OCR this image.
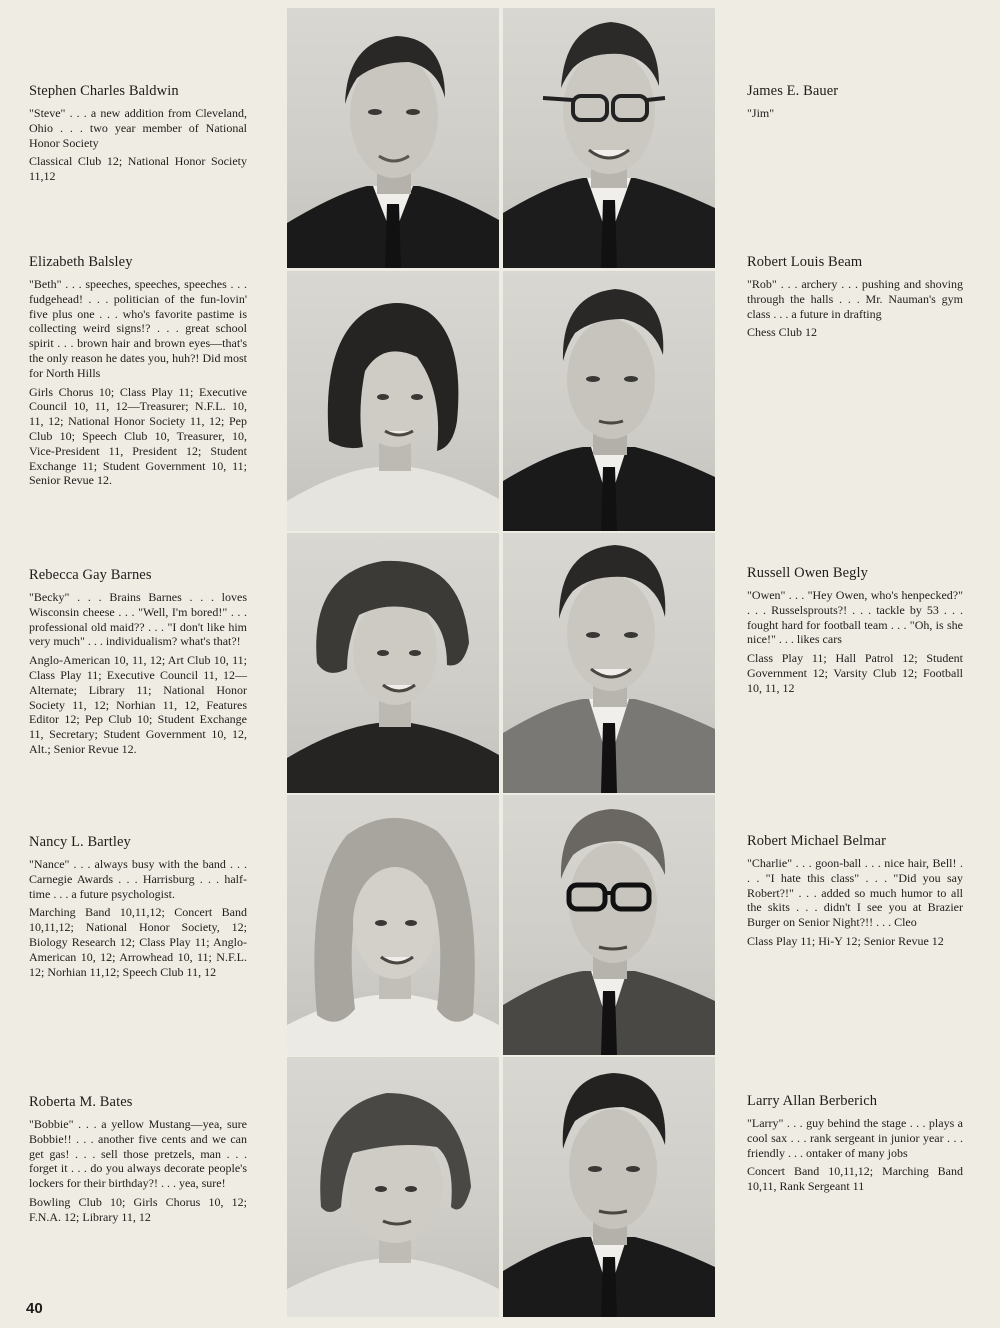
Stephen Charles Baldwin
"Steve" . . . a new addition from Cleveland, Ohio . . . two year member of National Honor Society
Classical Club 12; National Honor Society 11,12
James E. Bauer
"Jim"
Elizabeth Balsley
"Beth" . . . speeches, speeches, speeches . . . fudgehead! . . . politician of the fun-lovin' five plus one . . . who's favorite pastime is collecting weird signs!? . . . great school spirit . . . brown hair and brown eyes—that's the only reason he dates you, huh?! Did most for North Hills
Girls Chorus 10; Class Play 11; Executive Council 10, 11, 12—Treasurer; N.F.L. 10, 11, 12; National Honor Society 11, 12; Pep Club 10; Speech Club 10, Treasurer, 10, Vice-President 11, President 12; Student Exchange 11; Student Government 10, 11; Senior Revue 12.
Robert Louis Beam
"Rob" . . . archery . . . pushing and shoving through the halls . . . Mr. Nauman's gym class . . . a future in drafting
Chess Club 12
Rebecca Gay Barnes
"Becky" . . . Brains Barnes . . . loves Wisconsin cheese . . . "Well, I'm bored!" . . . professional old maid?? . . . "I don't like him very much" . . . individualism? what's that?!
Anglo-American 10, 11, 12; Art Club 10, 11; Class Play 11; Executive Council 11, 12—Alternate; Library 11; National Honor Society 11, 12; Norhian 11, 12, Features Editor 12; Pep Club 10; Student Exchange 11, Secretary; Student Government 10, 12, Alt.; Senior Revue 12.
Russell Owen Begly
"Owen" . . . "Hey Owen, who's henpecked?" . . . Russelsprouts?! . . . tackle by 53 . . . fought hard for football team . . . "Oh, is she nice!" . . . likes cars
Class Play 11; Hall Patrol 12; Student Government 12; Varsity Club 12; Football 10, 11, 12
Nancy L. Bartley
"Nance" . . . always busy with the band . . . Carnegie Awards . . . Harrisburg . . . half-time . . . a future psychologist.
Marching Band 10,11,12; Concert Band 10,11,12; National Honor Society, 12; Biology Research 12; Class Play 11; Anglo-American 10, 12; Arrowhead 10, 11; N.F.L. 12; Norhian 11,12; Speech Club 11, 12
Robert Michael Belmar
"Charlie" . . . goon-ball . . . nice hair, Bell! . . . "I hate this class" . . . "Did you say Robert?!" . . . added so much humor to all the skits . . . didn't I see you at Brazier Burger on Senior Night?!! . . . Cleo
Class Play 11; Hi-Y 12; Senior Revue 12
Roberta M. Bates
"Bobbie" . . . a yellow Mustang—yea, sure Bobbie!! . . . another five cents and we can get gas! . . . sell those pretzels, man . . . forget it . . . do you always decorate people's lockers for their birthday?! . . . yea, sure!
Bowling Club 10; Girls Chorus 10, 12; F.N.A. 12; Library 11, 12
Larry Allan Berberich
"Larry" . . . guy behind the stage . . . plays a cool sax . . . rank sergeant in junior year . . . friendly . . . ontaker of many jobs
Concert Band 10,11,12; Marching Band 10,11, Rank Sergeant 11
40
